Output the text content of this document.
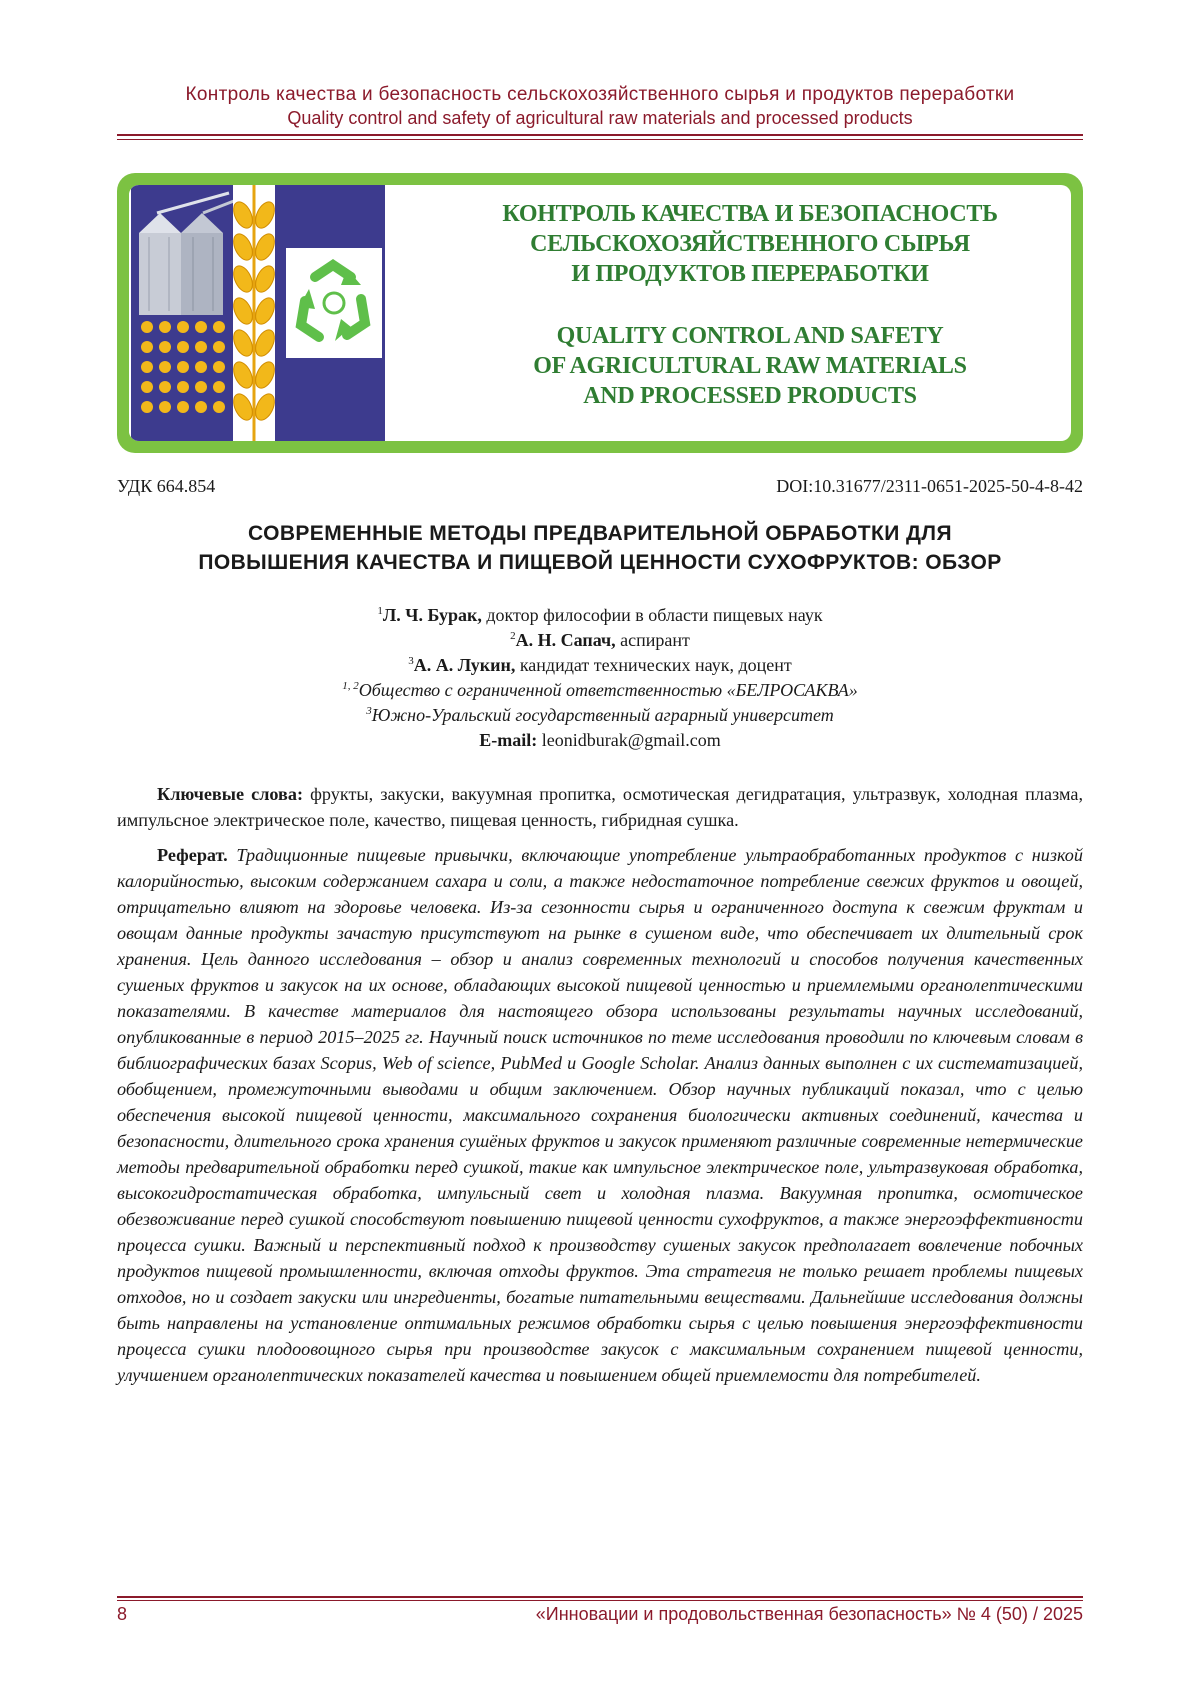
Контроль качества и безопасность сельскохозяйственного сырья и продуктов переработки
Quality control and safety of agricultural raw materials and processed products
КОНТРОЛЬ КАЧЕСТВА И БЕЗОПАСНОСТЬ
СЕЛЬСКОХОЗЯЙСТВЕННОГО СЫРЬЯ
И ПРОДУКТОВ ПЕРЕРАБОТКИ
QUALITY CONTROL AND SAFETY
OF AGRICULTURAL RAW MATERIALS
AND PROCESSED PRODUCTS
УДК 664.854	DOI:10.31677/2311-0651-2025-50-4-8-42
СОВРЕМЕННЫЕ МЕТОДЫ ПРЕДВАРИТЕЛЬНОЙ ОБРАБОТКИ ДЛЯ
ПОВЫШЕНИЯ КАЧЕСТВА И ПИЩЕВОЙ ЦЕННОСТИ СУХОФРУКТОВ: ОБЗОР
$^1$Л. Ч. Бурак, доктор философии в области пищевых наук
$^2$А. Н. Сапач, аспирант
$^3$А. А. Лукин, кандидат технических наук, доцент
$^{1, 2}$Общество с ограниченной ответственностью «БЕЛРОСАКВА»
$^3$Южно-Уральский государственный аграрный университет
E-mail: leonidburak@gmail.com
Ключевые слова: фрукты, закуски, вакуумная пропитка, осмотическая дегидратация, ультразвук, холодная плазма, импульсное электрическое поле, качество, пищевая ценность, гибридная сушка.
Реферат. Традиционные пищевые привычки, включающие употребление ультраобработанных продуктов с низкой калорийностью, высоким содержанием сахара и соли, а также недостаточное потребление свежих фруктов и овощей, отрицательно влияют на здоровье человека. Из-за сезонности сырья и ограниченного доступа к свежим фруктам и овощам данные продукты зачастую присутствуют на рынке в сушеном виде, что обеспечивает их длительный срок хранения. Цель данного исследования – обзор и анализ современных технологий и способов получения качественных сушеных фруктов и закусок на их основе, обладающих высокой пищевой ценностью и приемлемыми органолептическими показателями. В качестве материалов для настоящего обзора использованы результаты научных исследований, опубликованные в период 2015–2025 гг. Научный поиск источников по теме исследования проводили по ключевым словам в библиографических базах Scopus, Web of science, PubMed и Google Scholar. Анализ данных выполнен с их систематизацией, обобщением, промежуточными выводами и общим заключением. Обзор научных публикаций показал, что с целью обеспечения высокой пищевой ценности, максимального сохранения биологически активных соединений, качества и безопасности, длительного срока хранения сушёных фруктов и закусок применяют различные современные нетермические методы предварительной обработки перед сушкой, такие как импульсное электрическое поле, ультразвуковая обработка, высокогидростатическая обработка, импульсный свет и холодная плазма. Вакуумная пропитка, осмотическое обезвоживание перед сушкой способствуют повышению пищевой ценности сухофруктов, а также энергоэффективности процесса сушки. Важный и перспективный подход к производству сушеных закусок предполагает вовлечение побочных продуктов пищевой промышленности, включая отходы фруктов. Эта стратегия не только решает проблемы пищевых отходов, но и создает закуски или ингредиенты, богатые питательными веществами. Дальнейшие исследования должны быть направлены на установление оптимальных режимов обработки сырья с целью повышения энергоэффективности процесса сушки плодоовощного сырья при производстве закусок с максимальным сохранением пищевой ценности, улучшением органолептических показателей качества и повышением общей приемлемости для потребителей.
8	«Инновации и продовольственная безопасность» № 4 (50) / 2025
